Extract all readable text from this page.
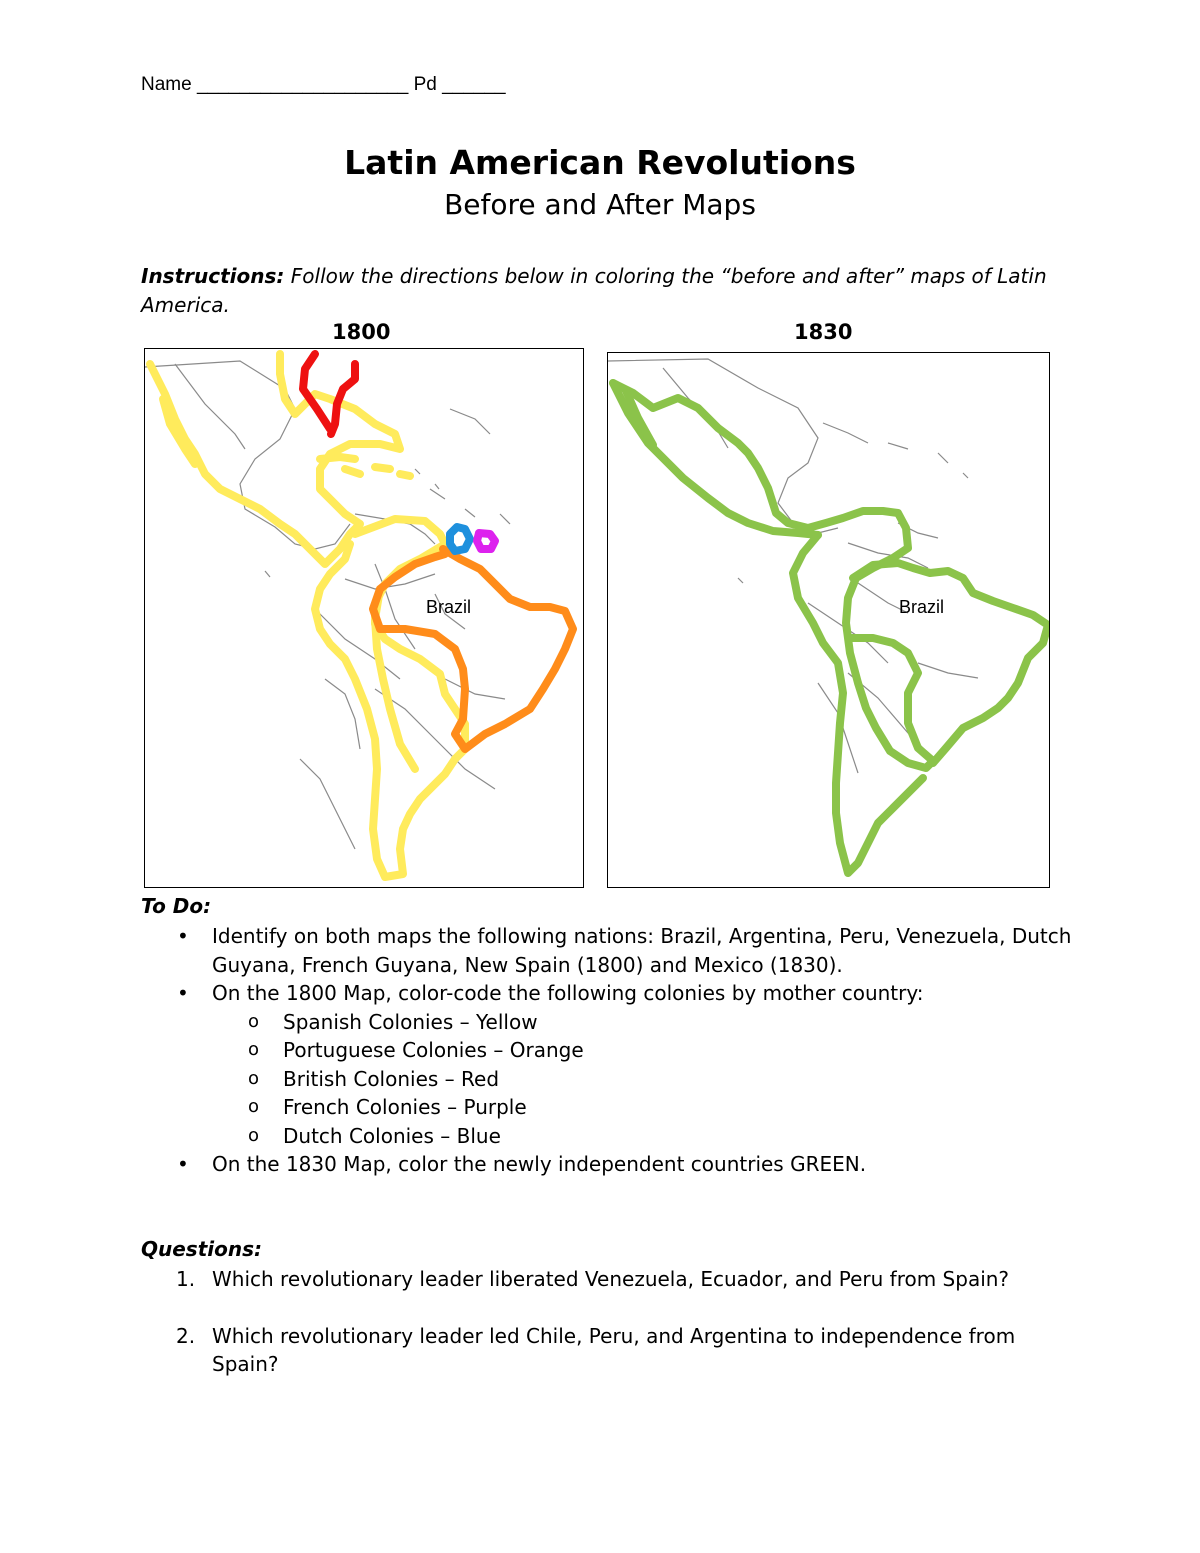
Name ____________________ Pd ______
Latin American Revolutions
Before and After Maps
Instructions: Follow the directions below in coloring the “before and after” maps of Latin America.
1800	1830
Brazil	Brazil
To Do:
• Identify on both maps the following nations: Brazil, Argentina, Peru, Venezuela, Dutch Guyana, French Guyana, New Spain (1800) and Mexico (1830).
• On the 1800 Map, color-code the following colonies by mother country:
o Spanish Colonies – Yellow
o Portuguese Colonies – Orange
o British Colonies – Red
o French Colonies – Purple
o Dutch Colonies – Blue
• On the 1830 Map, color the newly independent countries GREEN.
Questions:
1. Which revolutionary leader liberated Venezuela, Ecuador, and Peru from Spain?
2. Which revolutionary leader led Chile, Peru, and Argentina to independence from Spain?
